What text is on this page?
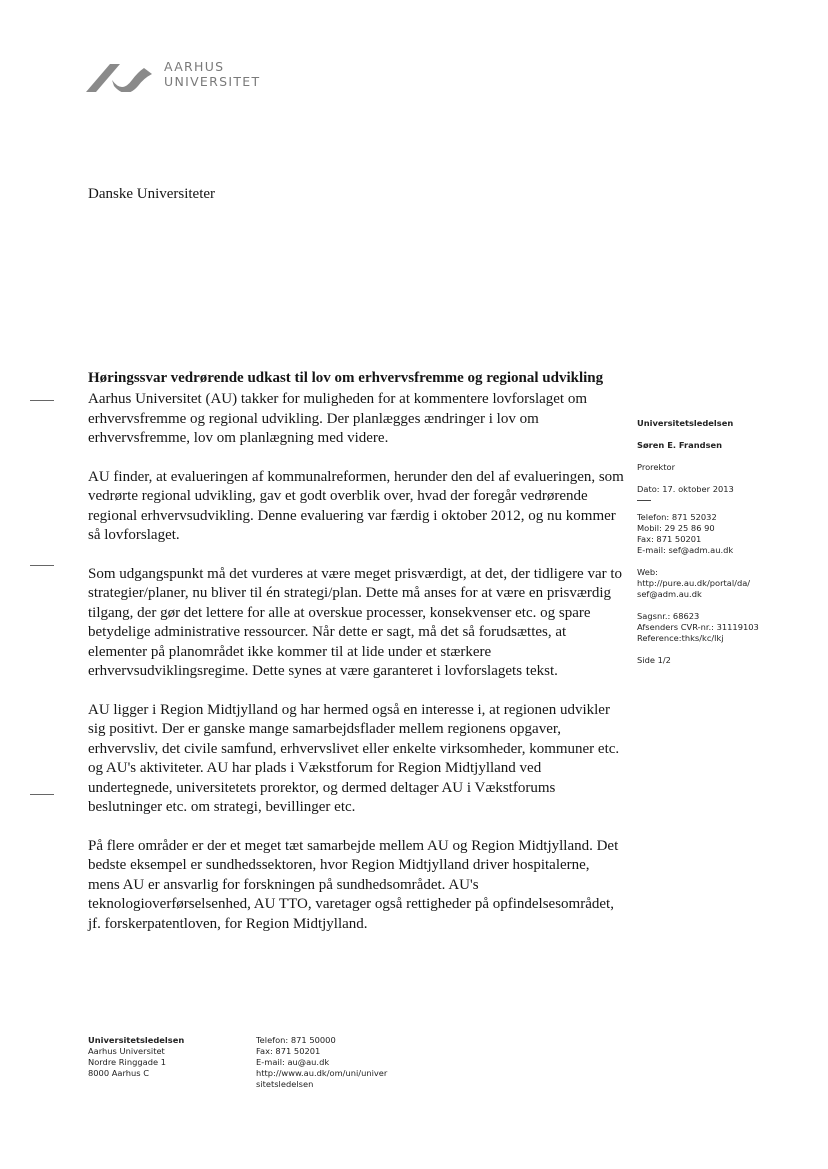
AARHUS
UNIVERSITET
Danske Universiteter
Høringssvar vedrørende udkast til lov om erhvervsfremme og regional udvikling

Aarhus Universitet (AU) takker for muligheden for at kommentere lovforslaget om erhvervsfremme og regional udvikling. Der planlægges ændringer i lov om erhvervsfremme, lov om planlægning med videre.

AU finder, at evalueringen af kommunalreformen, herunder den del af evalueringen, som vedrørte regional udvikling, gav et godt overblik over, hvad der foregår vedrørende regional erhvervsudvikling. Denne evaluering var færdig i oktober 2012, og nu kommer så lovforslaget.

Som udgangspunkt må det vurderes at være meget prisværdigt, at det, der tidligere var to strategier/planer, nu bliver til én strategi/plan. Dette må anses for at være en prisværdig tilgang, der gør det lettere for alle at overskue processer, konsekvenser etc. og spare betydelige administrative ressourcer. Når dette er sagt, må det så forudsættes, at elementer på planområdet ikke kommer til at lide under et stærkere erhvervsudviklingsregime. Dette synes at være garanteret i lovforslagets tekst.

AU ligger i Region Midtjylland og har hermed også en interesse i, at regionen udvikler sig positivt. Der er ganske mange samarbejdsflader mellem regionens opgaver, erhvervsliv, det civile samfund, erhvervslivet eller enkelte virksomheder, kommuner etc. og AU's aktiviteter. AU har plads i Vækstforum for Region Midtjylland ved undertegnede, universitetets prorektor, og dermed deltager AU i Vækstforums beslutninger etc. om strategi, bevillinger etc.

På flere områder er der et meget tæt samarbejde mellem AU og Region Midtjylland. Det bedste eksempel er sundhedssektoren, hvor Region Midtjylland driver hospitalerne, mens AU er ansvarlig for forskningen på sundhedsområdet. AU's teknologioverførselsenhed, AU TTO, varetager også rettigheder på opfindelsesområdet, jf. forskerpatentloven, for Region Midtjylland.

Universitetsledelsen
Søren E. Frandsen
Prorektor
Dato: 17. oktober 2013
Telefon: 871 52032
Mobil: 29 25 86 90
Fax: 871 50201
E-mail: sef@adm.au.dk
Web:
http://pure.au.dk/portal/da/
sef@adm.au.dk
Sagsnr.: 68623
Afsenders CVR-nr.: 31119103
Reference:thks/kc/lkj
Side 1/2
Universitetsledelsen
Aarhus Universitet
Nordre Ringgade 1
8000 Aarhus C
Telefon: 871 50000
Fax: 871 50201
E-mail: au@au.dk
http://www.au.dk/om/uni/univer
sitetsledelsen
